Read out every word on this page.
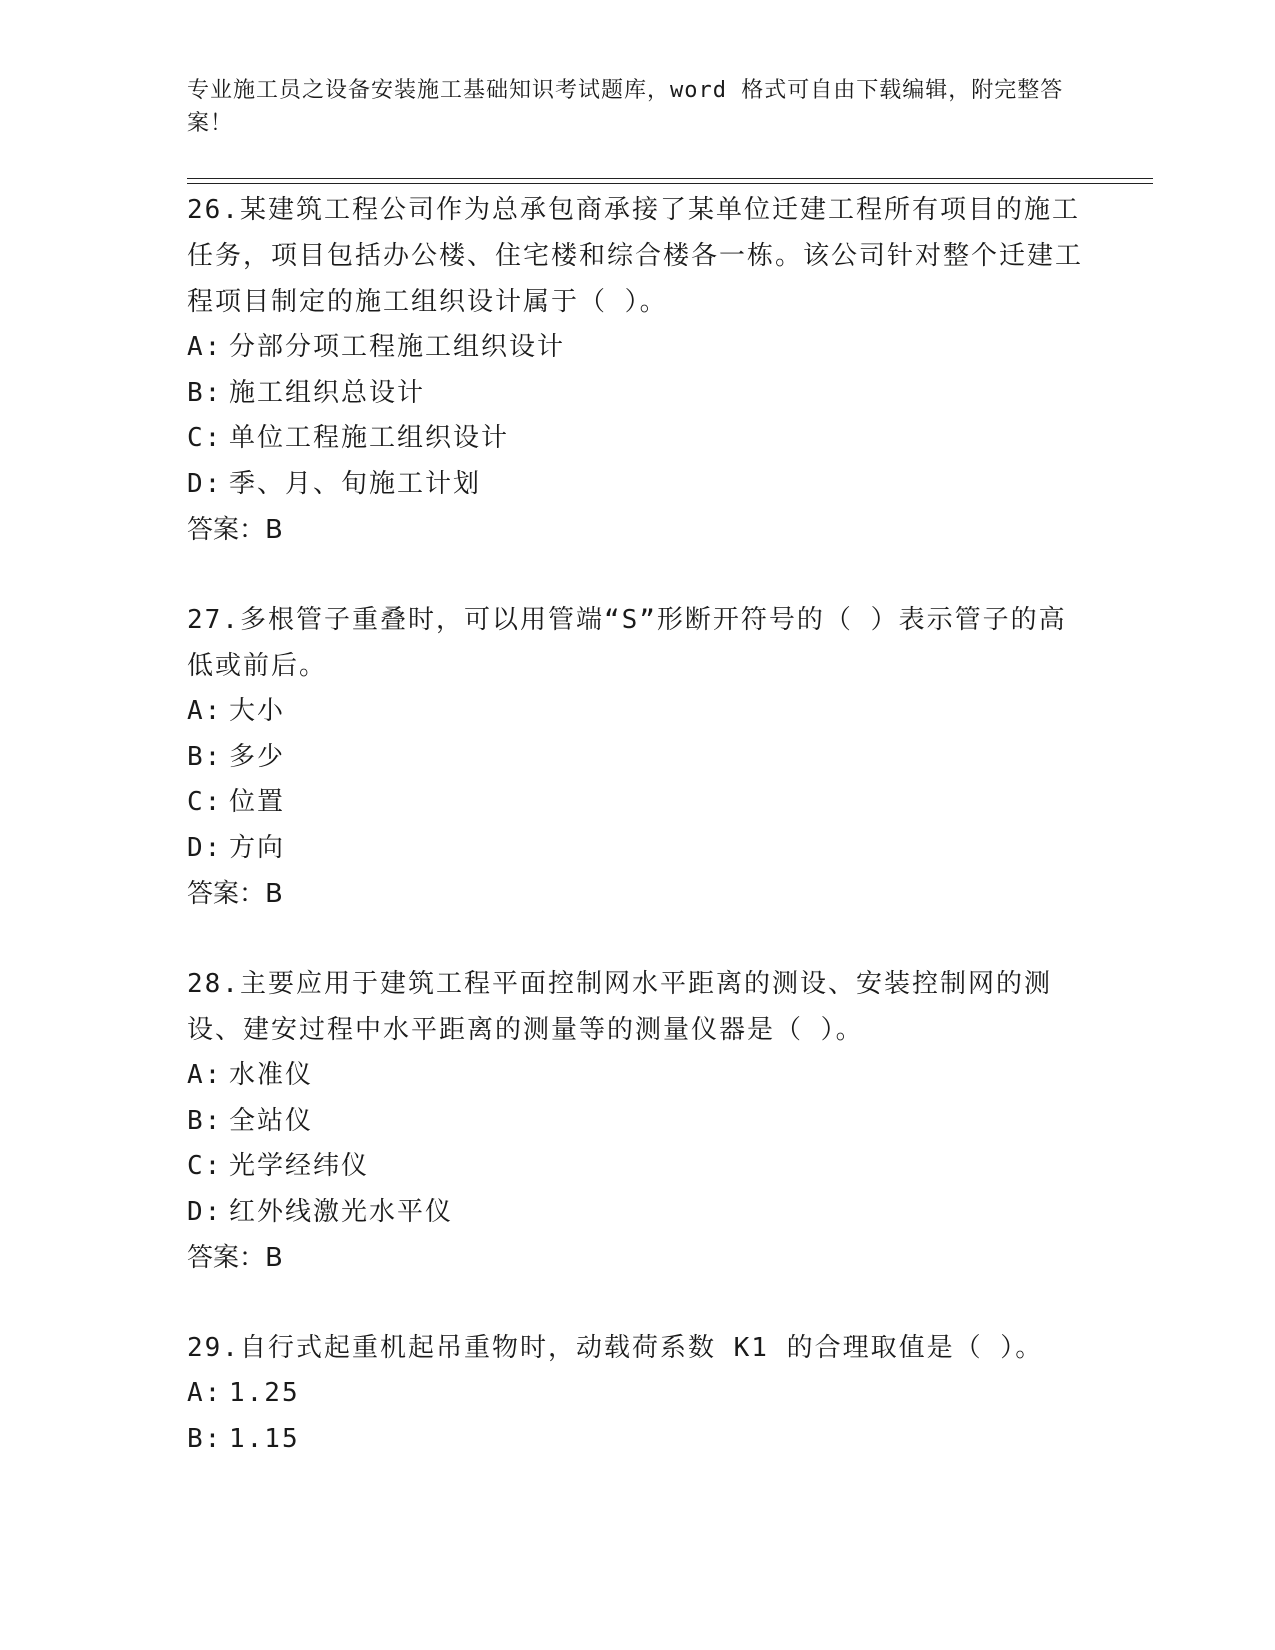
专业施工员之设备安装施工基础知识考试题库，word 格式可自由下载编辑，附完整答案！
26.某建筑工程公司作为总承包商承接了某单位迁建工程所有项目的施工任务，项目包括办公楼、住宅楼和综合楼各一栋。该公司针对整个迁建工程项目制定的施工组织设计属于（ ）。
A: 分部分项工程施工组织设计
B: 施工组织总设计
C: 单位工程施工组织设计
D: 季、月、旬施工计划
答案：B
27.多根管子重叠时，可以用管端“S”形断开符号的（ ）表示管子的高低或前后。
A: 大小
B: 多少
C: 位置
D: 方向
答案：B
28.主要应用于建筑工程平面控制网水平距离的测设、安装控制网的测设、建安过程中水平距离的测量等的测量仪器是（ ）。
A: 水准仪
B: 全站仪
C: 光学经纬仪
D: 红外线激光水平仪
答案：B
29.自行式起重机起吊重物时，动载荷系数 K1 的合理取值是（ ）。
A: 1.25
B: 1.15
